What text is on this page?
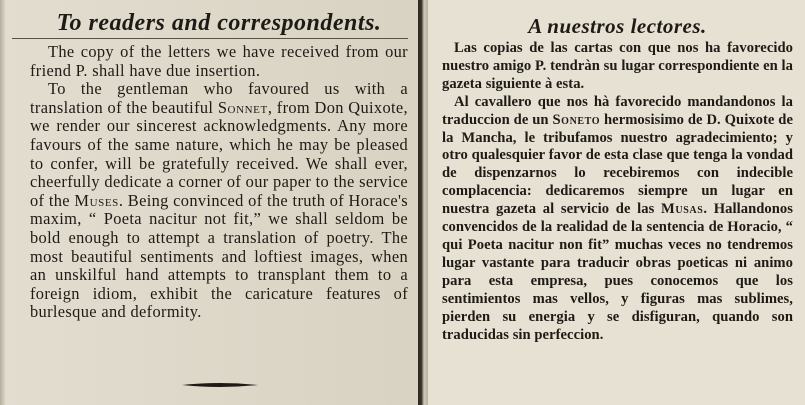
To readers and correspondents.

The copy of the letters we have received from our friend P. shall have due insertion.

To the gentleman who favoured us with a translation of the beautiful Sonnet, from Don Quixote, we render our sincerest acknowledgments. Any more favours of the same nature, which he may be pleased to confer, will be gratefully received. We shall ever, cheerfully dedicate a corner of our paper to the service of the Muses. Being convinced of the truth of Horace's maxim, “ Poeta nacitur not fit,” we shall seldom be bold enough to attempt a translation of poetry. The most beautiful sentiments and loftiest images, when an unskilful hand attempts to transplant them to a foreign idiom, exhibit the caricature features of burlesque and deformity.

A nuestros lectores.

Las copias de las cartas con que nos ha favorecido nuestro amigo P. tendràn su lugar correspondiente en la gazeta siguiente à esta.

Al cavallero que nos hà favorecido mandandonos la traduccion de un Soneto hermosisimo de D. Quixote de la Mancha, le tribufamos nuestro agradecimiento; y otro qualesquier favor de esta clase que tenga la vondad de dispenzarnos lo recebiremos con indecible complacencia: dedicaremos siempre un lugar en nuestra gazeta al servicio de las Musas. Hallandonos convencidos de la realidad de la sentencia de Horacio, “ qui Poeta nacitur non fit” muchas veces no tendremos lugar vastante para traducir obras poeticas ni animo para esta empresa, pues conocemos que los sentimientos mas vellos, y figuras mas sublimes, pierden su energia y se disfiguran, quando son traducidas sin perfeccion.
